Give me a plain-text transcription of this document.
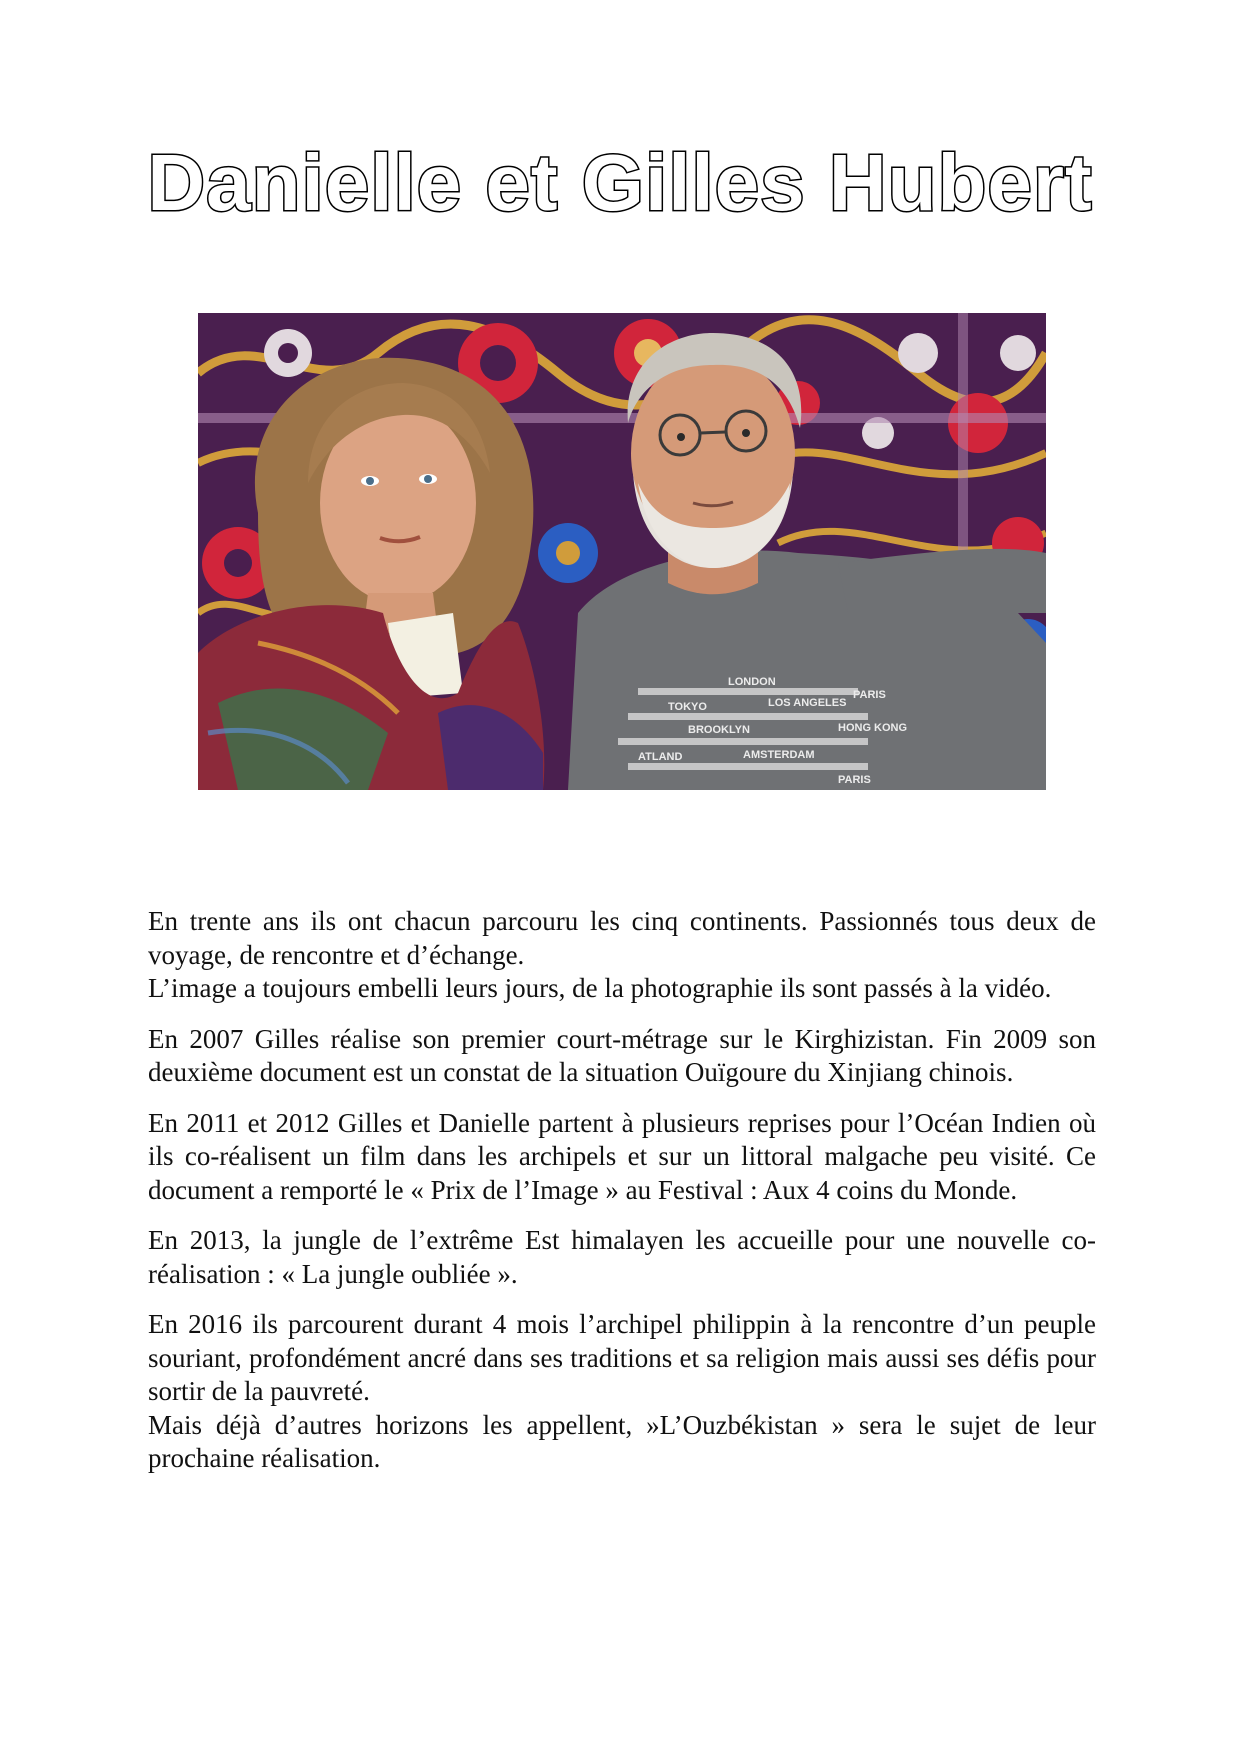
Danielle et Gilles Hubert
LONDON
TOKYO	LOS ANGELES
BROOKLYN
PARIS
HONG KONG
ATLAND	AMSTERDAM
PARIS

En trente ans ils ont chacun parcouru les cinq continents. Passionnés tous deux de voyage, de rencontre et d’échange.

L’image a toujours embelli leurs jours, de la photographie ils sont passés à la vidéo.

En 2007 Gilles réalise son premier court-métrage sur le Kirghizistan. Fin 2009 son deuxième document est un constat de la situation Ouïgoure du Xinjiang chinois.

En 2011 et 2012 Gilles et Danielle partent à plusieurs reprises pour l’Océan Indien où ils co-réalisent un film dans les archipels et sur un littoral malgache peu visité. Ce document a remporté le « Prix de l’Image » au Festival : Aux 4 coins du Monde.

En 2013, la jungle de l’extrême Est himalayen les accueille pour une nouvelle co-réalisation : « La jungle oubliée ».

En 2016 ils parcourent durant 4 mois l’archipel philippin à la rencontre d’un peuple souriant, profondément ancré dans ses traditions et sa religion mais aussi ses défis pour sortir de la pauvreté.

Mais déjà d’autres horizons les appellent, »L’Ouzbékistan » sera le sujet de leur prochaine réalisation.
